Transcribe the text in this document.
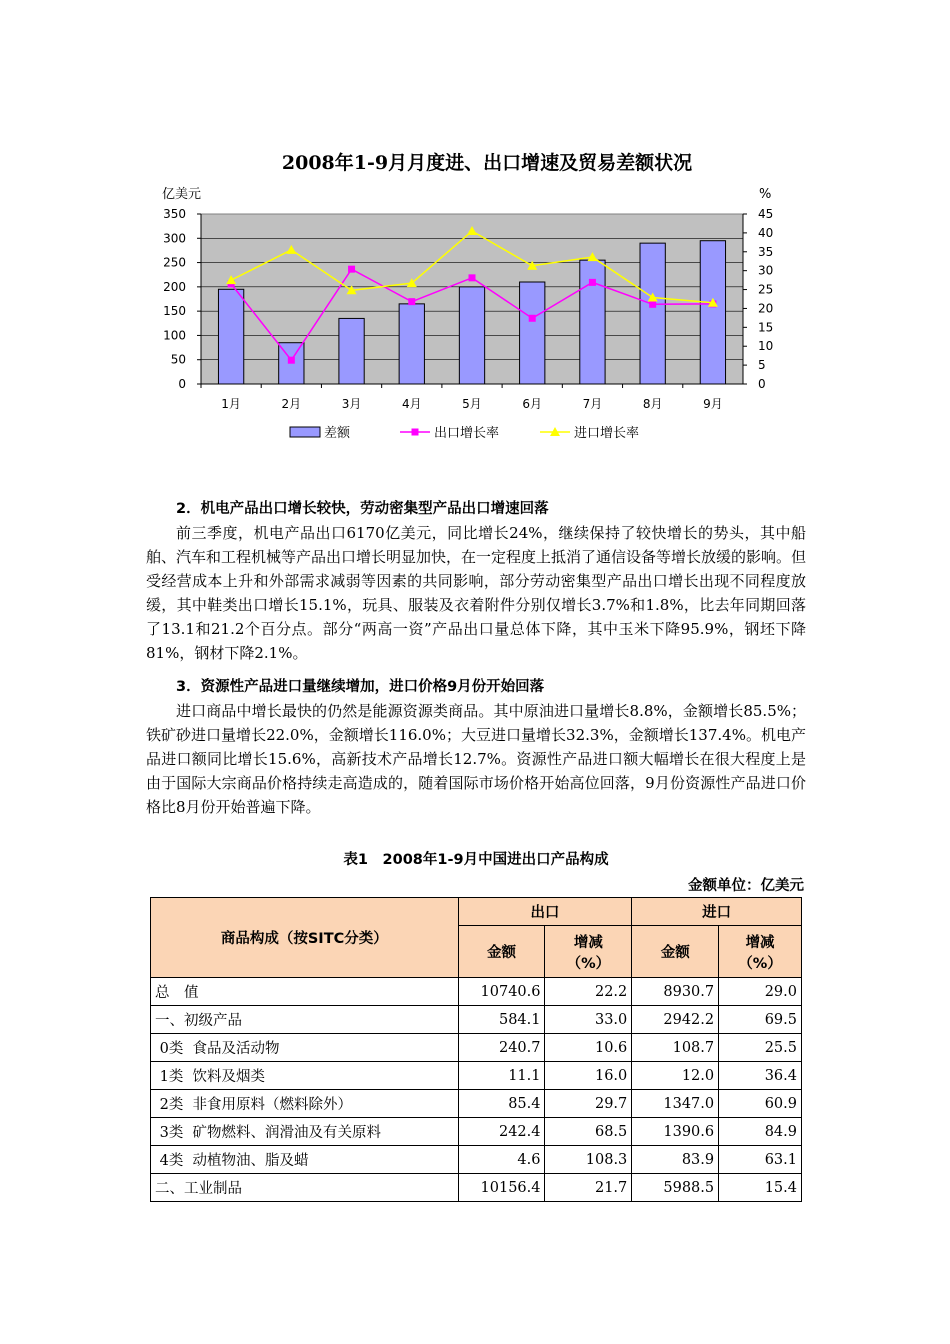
2008年1-9月月度进、出口增速及贸易差额状况
亿美元	%
0
50
100
150
200
250
300
350
0
5
10
15
20
25
30
35
40
45
1月	2月	3月	4月	5月	6月	7月	8月	9月
差额	出口增长率	进口增长率
2．机电产品出口增长较快，劳动密集型产品出口增速回落

前三季度，机电产品出口6170亿美元，同比增长24%，继续保持了较快增长的势头，其中船舶、汽车和工程机械等产品出口增长明显加快，在一定程度上抵消了通信设备等增长放缓的影响。但受经营成本上升和外部需求减弱等因素的共同影响，部分劳动密集型产品出口增长出现不同程度放缓，其中鞋类出口增长15.1%，玩具、服装及衣着附件分别仅增长3.7%和1.8%，比去年同期回落了13.1和21.2个百分点。部分“两高一资”产品出口量总体下降，其中玉米下降95.9%，钢坯下降81%，钢材下降2.1%。

3．资源性产品进口量继续增加，进口价格9月份开始回落

进口商品中增长最快的仍然是能源资源类商品。其中原油进口量增长8.8%，金额增长85.5%；铁矿砂进口量增长22.0%，金额增长116.0%；大豆进口量增长32.3%，金额增长137.4%。机电产品进口额同比增长15.6%，高新技术产品增长12.7%。资源性产品进口额大幅增长在很大程度上是由于国际大宗商品价格持续走高造成的，随着国际市场价格开始高位回落，9月份资源性产品进口价格比8月份开始普遍下降。

表1　2008年1-9月中国进出口产品构成
金额单位：亿美元
商品构成（按SITC分类）	出口		进口	
	金额	增减
（%）	金额	增减
（%）
总　值	10740.6	22.2	8930.7	29.0
一、初级产品	584.1	33.0	2942.2	69.5
0类  食品及活动物	240.7	10.6	108.7	25.5
1类  饮料及烟类	11.1	16.0	12.0	36.4
2类  非食用原料（燃料除外）	85.4	29.7	1347.0	60.9
3类  矿物燃料、润滑油及有关原料	242.4	68.5	1390.6	84.9
4类  动植物油、脂及蜡	4.6	108.3	83.9	63.1
二、工业制品	10156.4	21.7	5988.5	15.4
